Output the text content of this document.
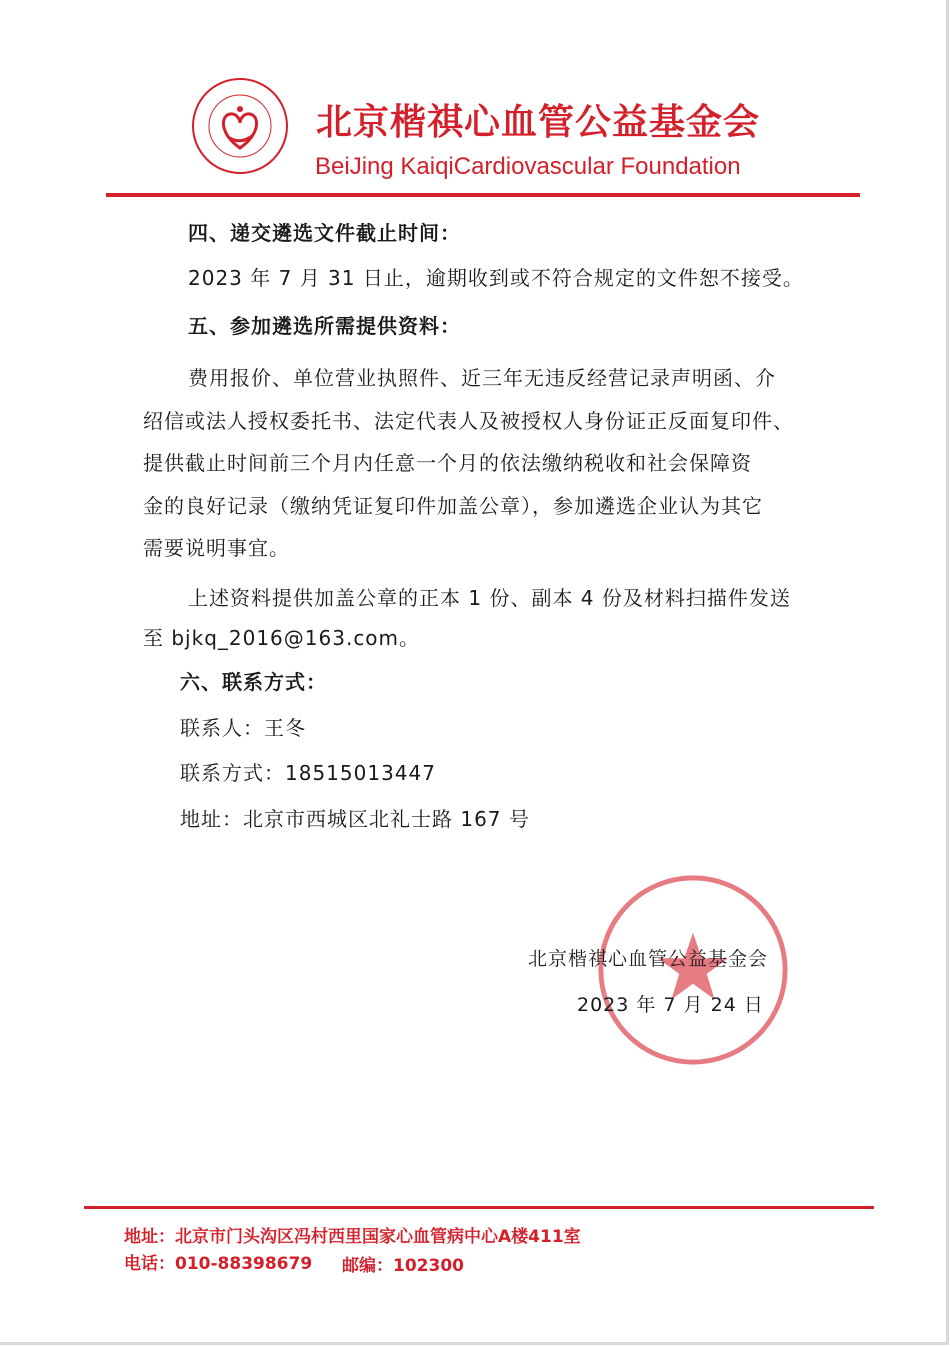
北京楷祺心血管公益基金会
BeiJing KaiqiCardiovascular Foundation
四、递交遴选文件截止时间：
2023 年 7 月 31 日止，逾期收到或不符合规定的文件恕不接受。
五、参加遴选所需提供资料：
费用报价、单位营业执照件、近三年无违反经营记录声明函、介
绍信或法人授权委托书、法定代表人及被授权人身份证正反面复印件、
提供截止时间前三个月内任意一个月的依法缴纳税收和社会保障资
金的良好记录（缴纳凭证复印件加盖公章），参加遴选企业认为其它
需要说明事宜。
上述资料提供加盖公章的正本 1 份、副本 4 份及材料扫描件发送
至 bjkq_2016@163.com。
六、联系方式：
联系人：王冬
联系方式：18515013447
地址：北京市西城区北礼士路 167 号
北京楷祺心血管公益基金会
2023 年 7 月 24 日
地址：北京市门头沟区冯村西里国家心血管病中心A楼411室
电话：010-88398679 邮编：102300
